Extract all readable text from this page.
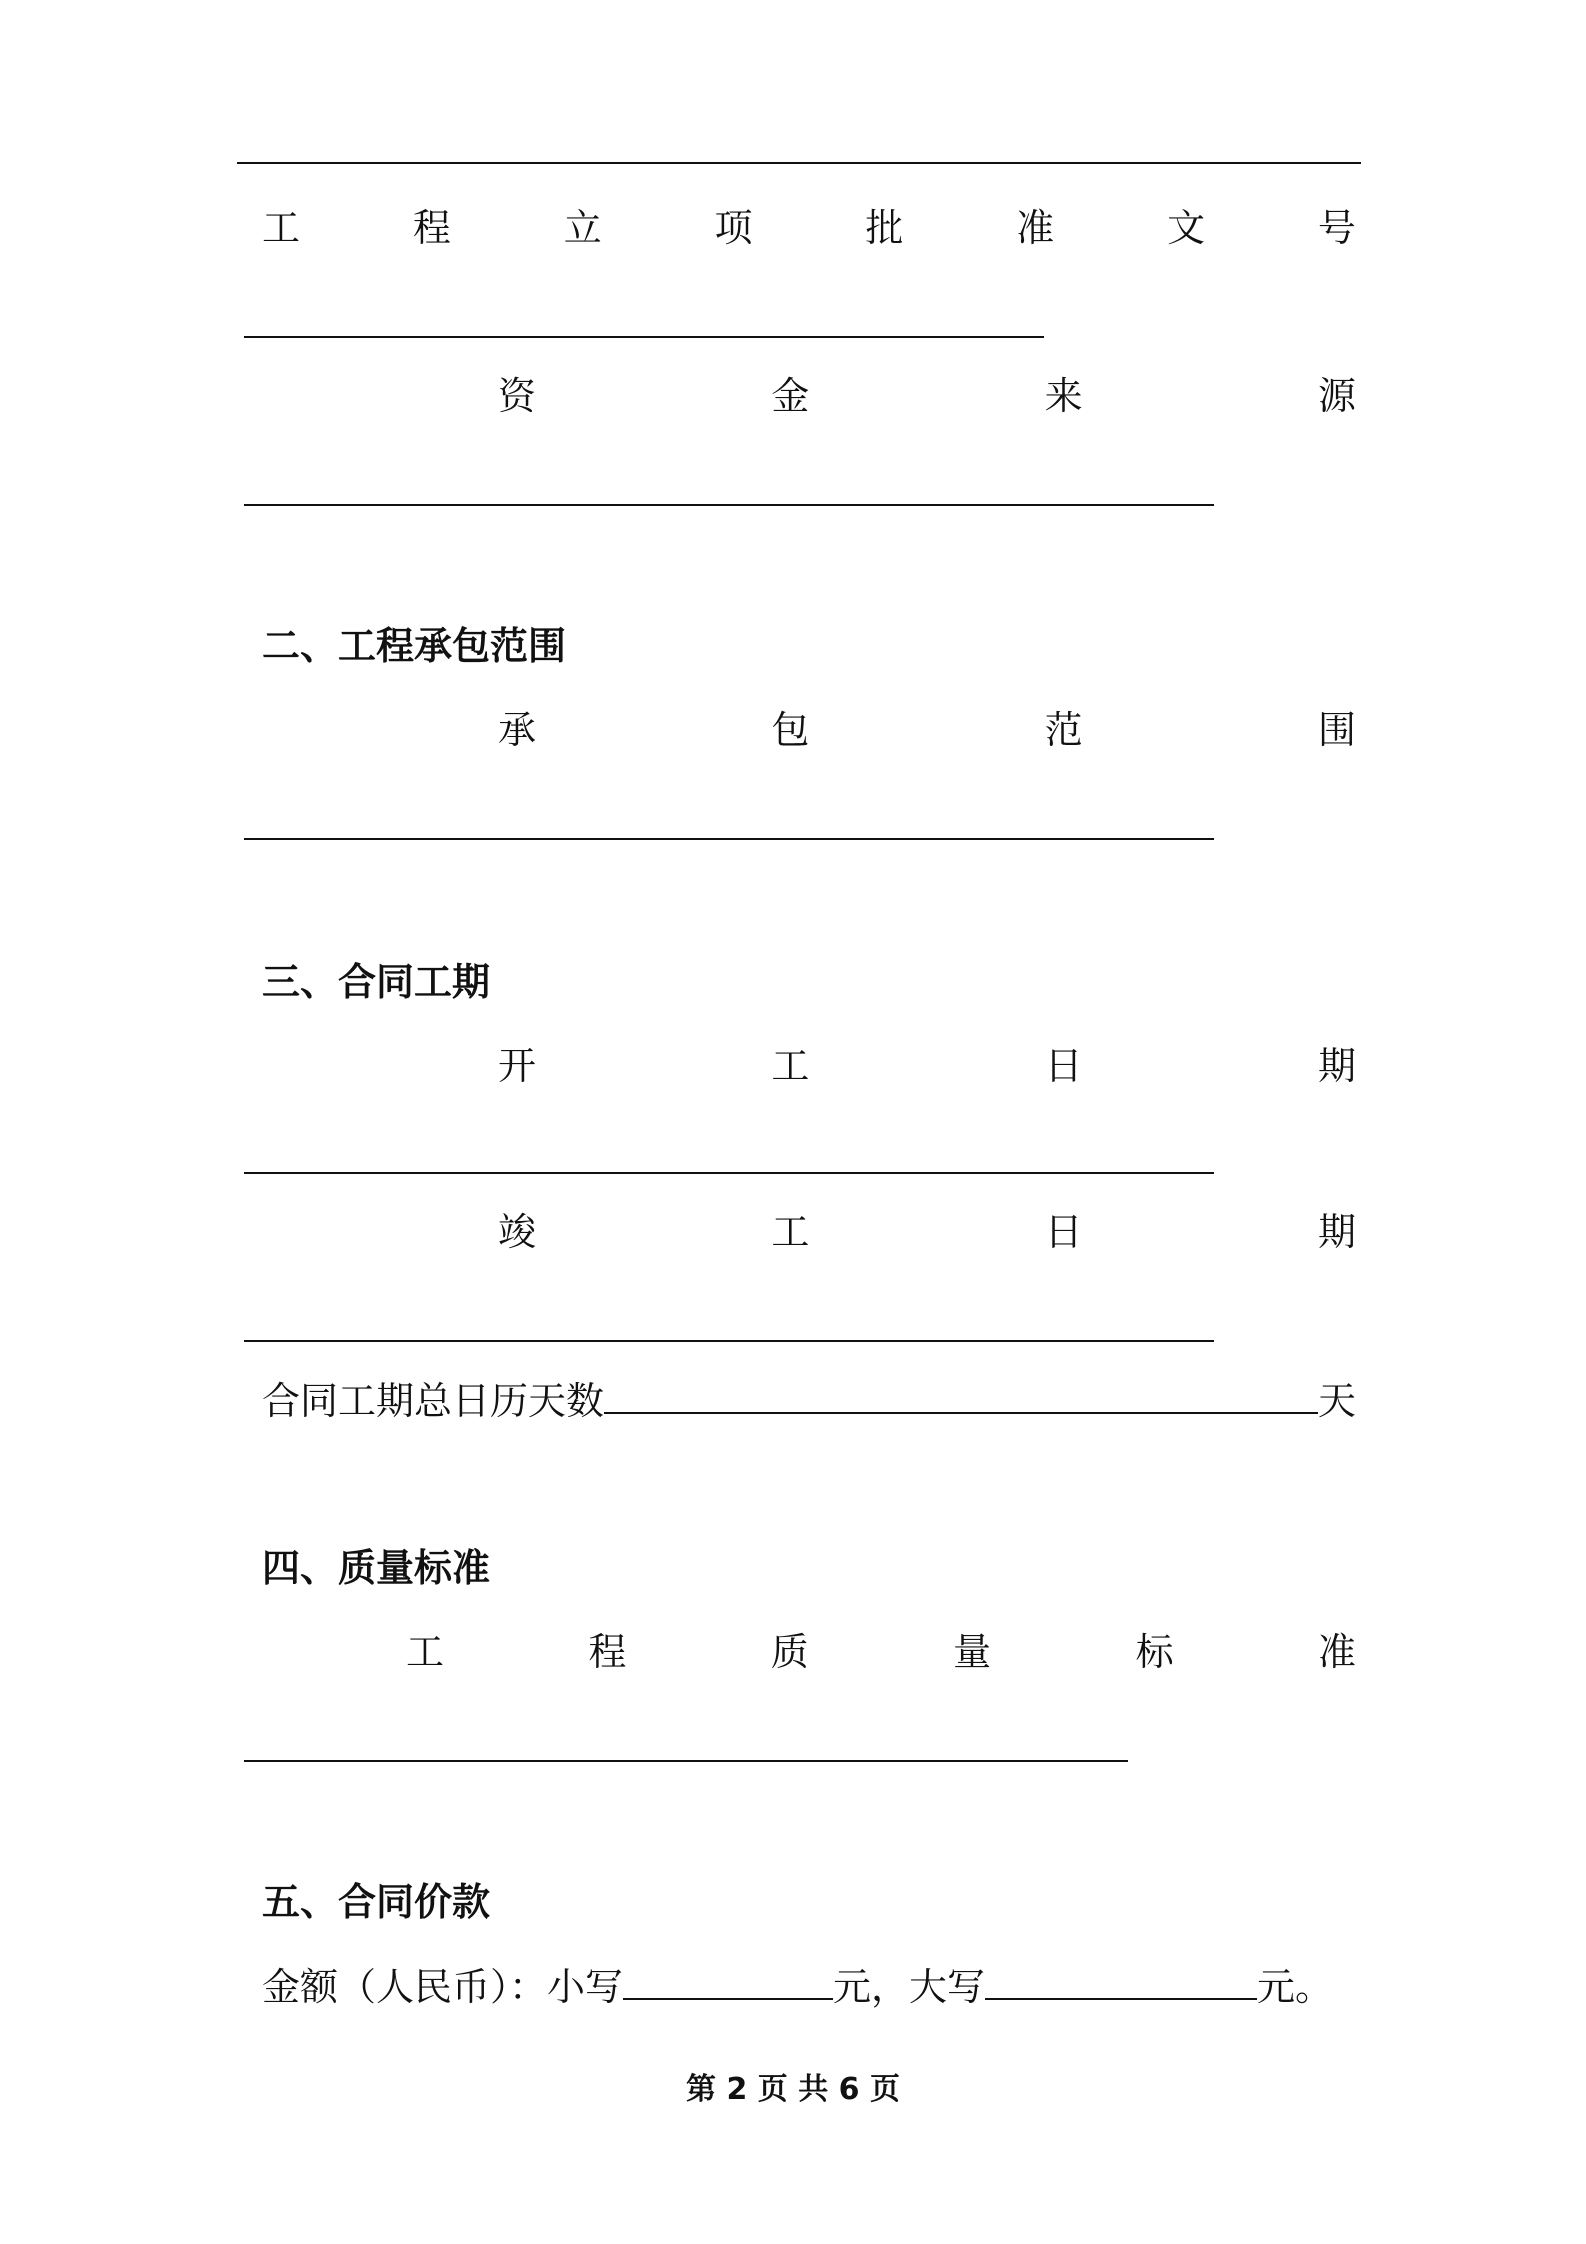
工	程	立	项	批	准	文	号
资	金	来	源
二、工程承包范围
承	包	范	围
三、合同工期
开	工	日	期
竣	工	日	期
合同工期总日历天数	天
四、质量标准
工	程	质	量	标	准
五、合同价款
金额（人民币）：小写	元，大写	元。
第 2 页 共 6 页
